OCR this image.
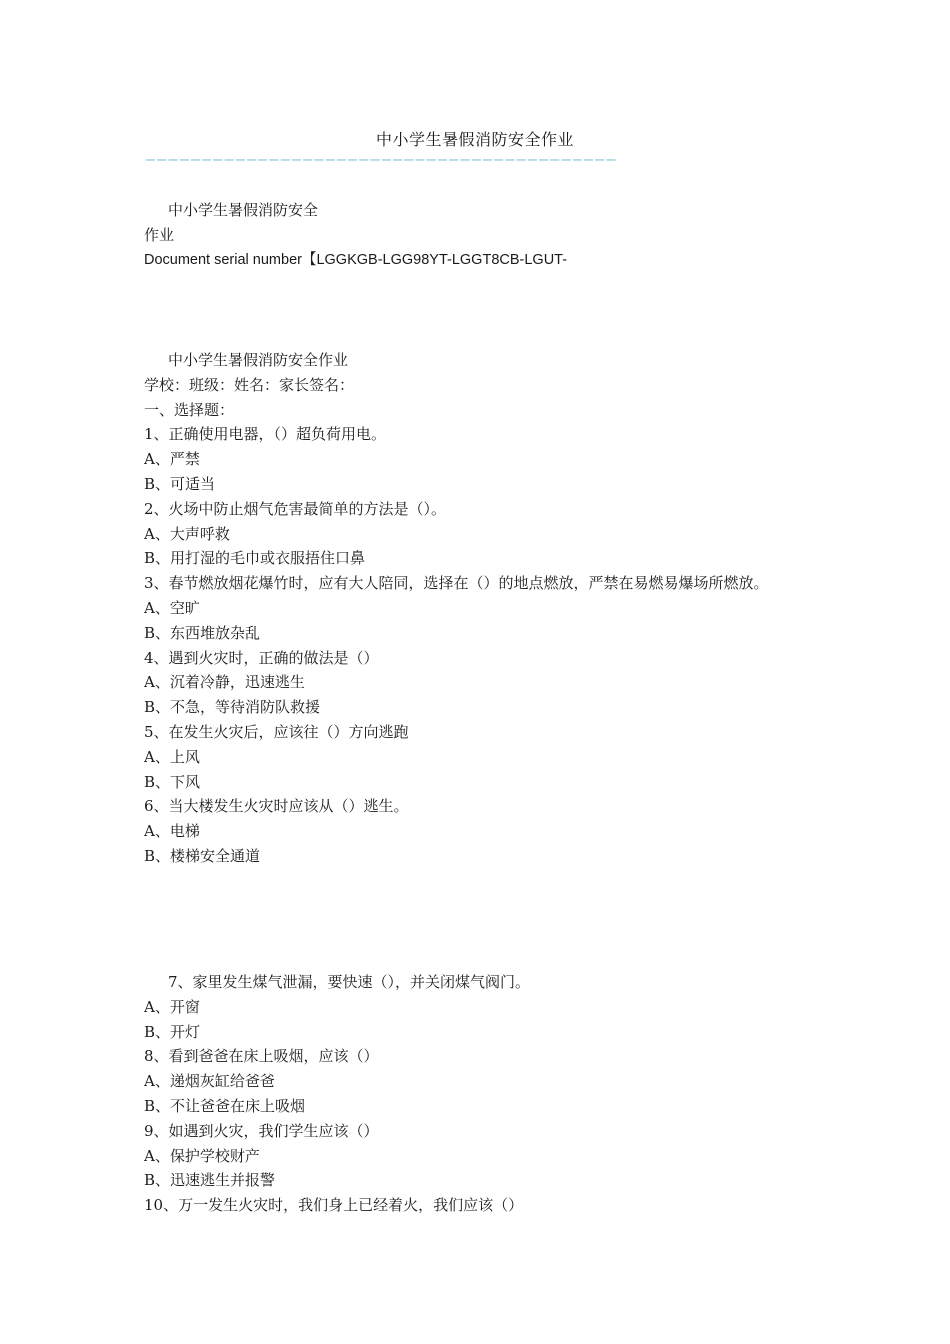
中小学生暑假消防安全作业
——————————————————————————————————————————
中小学生暑假消防安全
作业
Document serial number【LGGKGB-LGG98YT-LGGT8CB-LGUT-
中小学生暑假消防安全作业
学校：班级：姓名：家长签名：
一、选择题：
1、正确使用电器，（）超负荷用电。
A、严禁
B、可适当
2、火场中防止烟气危害最简单的方法是（）。
A、大声呼救
B、用打湿的毛巾或衣服捂住口鼻
3、春节燃放烟花爆竹时，应有大人陪同，选择在（）的地点燃放，严禁在易燃易爆场所燃放。
A、空旷
B、东西堆放杂乱
4、遇到火灾时，正确的做法是（）
A、沉着冷静，迅速逃生
B、不急，等待消防队救援
5、在发生火灾后，应该往（）方向逃跑
A、上风
B、下风
6、当大楼发生火灾时应该从（）逃生。
A、电梯
B、楼梯安全通道
7、家里发生煤气泄漏，要快速（），并关闭煤气阀门。
A、开窗
B、开灯
8、看到爸爸在床上吸烟，应该（）
A、递烟灰缸给爸爸
B、不让爸爸在床上吸烟
9、如遇到火灾，我们学生应该（）
A、保护学校财产
B、迅速逃生并报警
10、万一发生火灾时，我们身上已经着火，我们应该（）
